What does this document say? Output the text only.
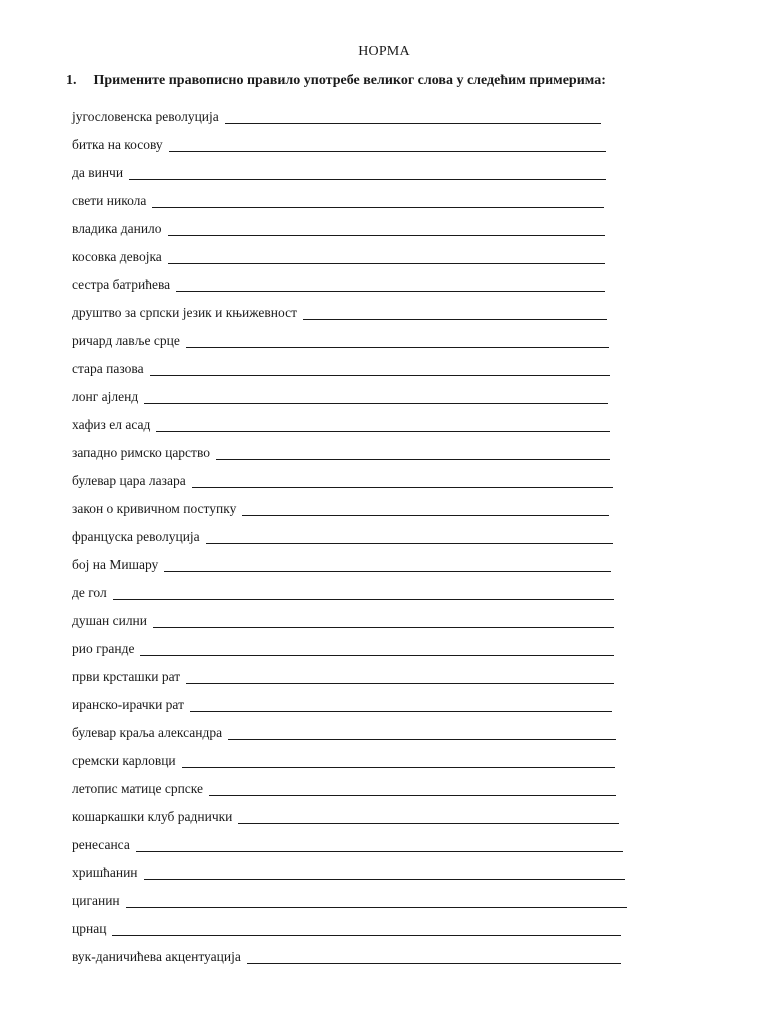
НОРМА
1. Примените правописно правило употребе великог слова у следећим примерима:
југословенска револуција
битка на косову
да винчи
свети никола
владика данило
косовка девојка
сестра батрићева
друштво за српски језик и књижевност
ричард лавље срце
стара пазова
лонг ајленд
хафиз ел асад
западно римско царство
булевар цара лазара
закон о кривичном поступку
француска револуција
бој на Мишару
де гол
душан силни
рио гранде
први крсташки рат
иранско-ирачки рат
булевар краља александра
сремски карловци
летопис матице српске
кошаркашки клуб раднички
ренесанса
хришћанин
циганин
црнац
вук-даничићева акцентуација
